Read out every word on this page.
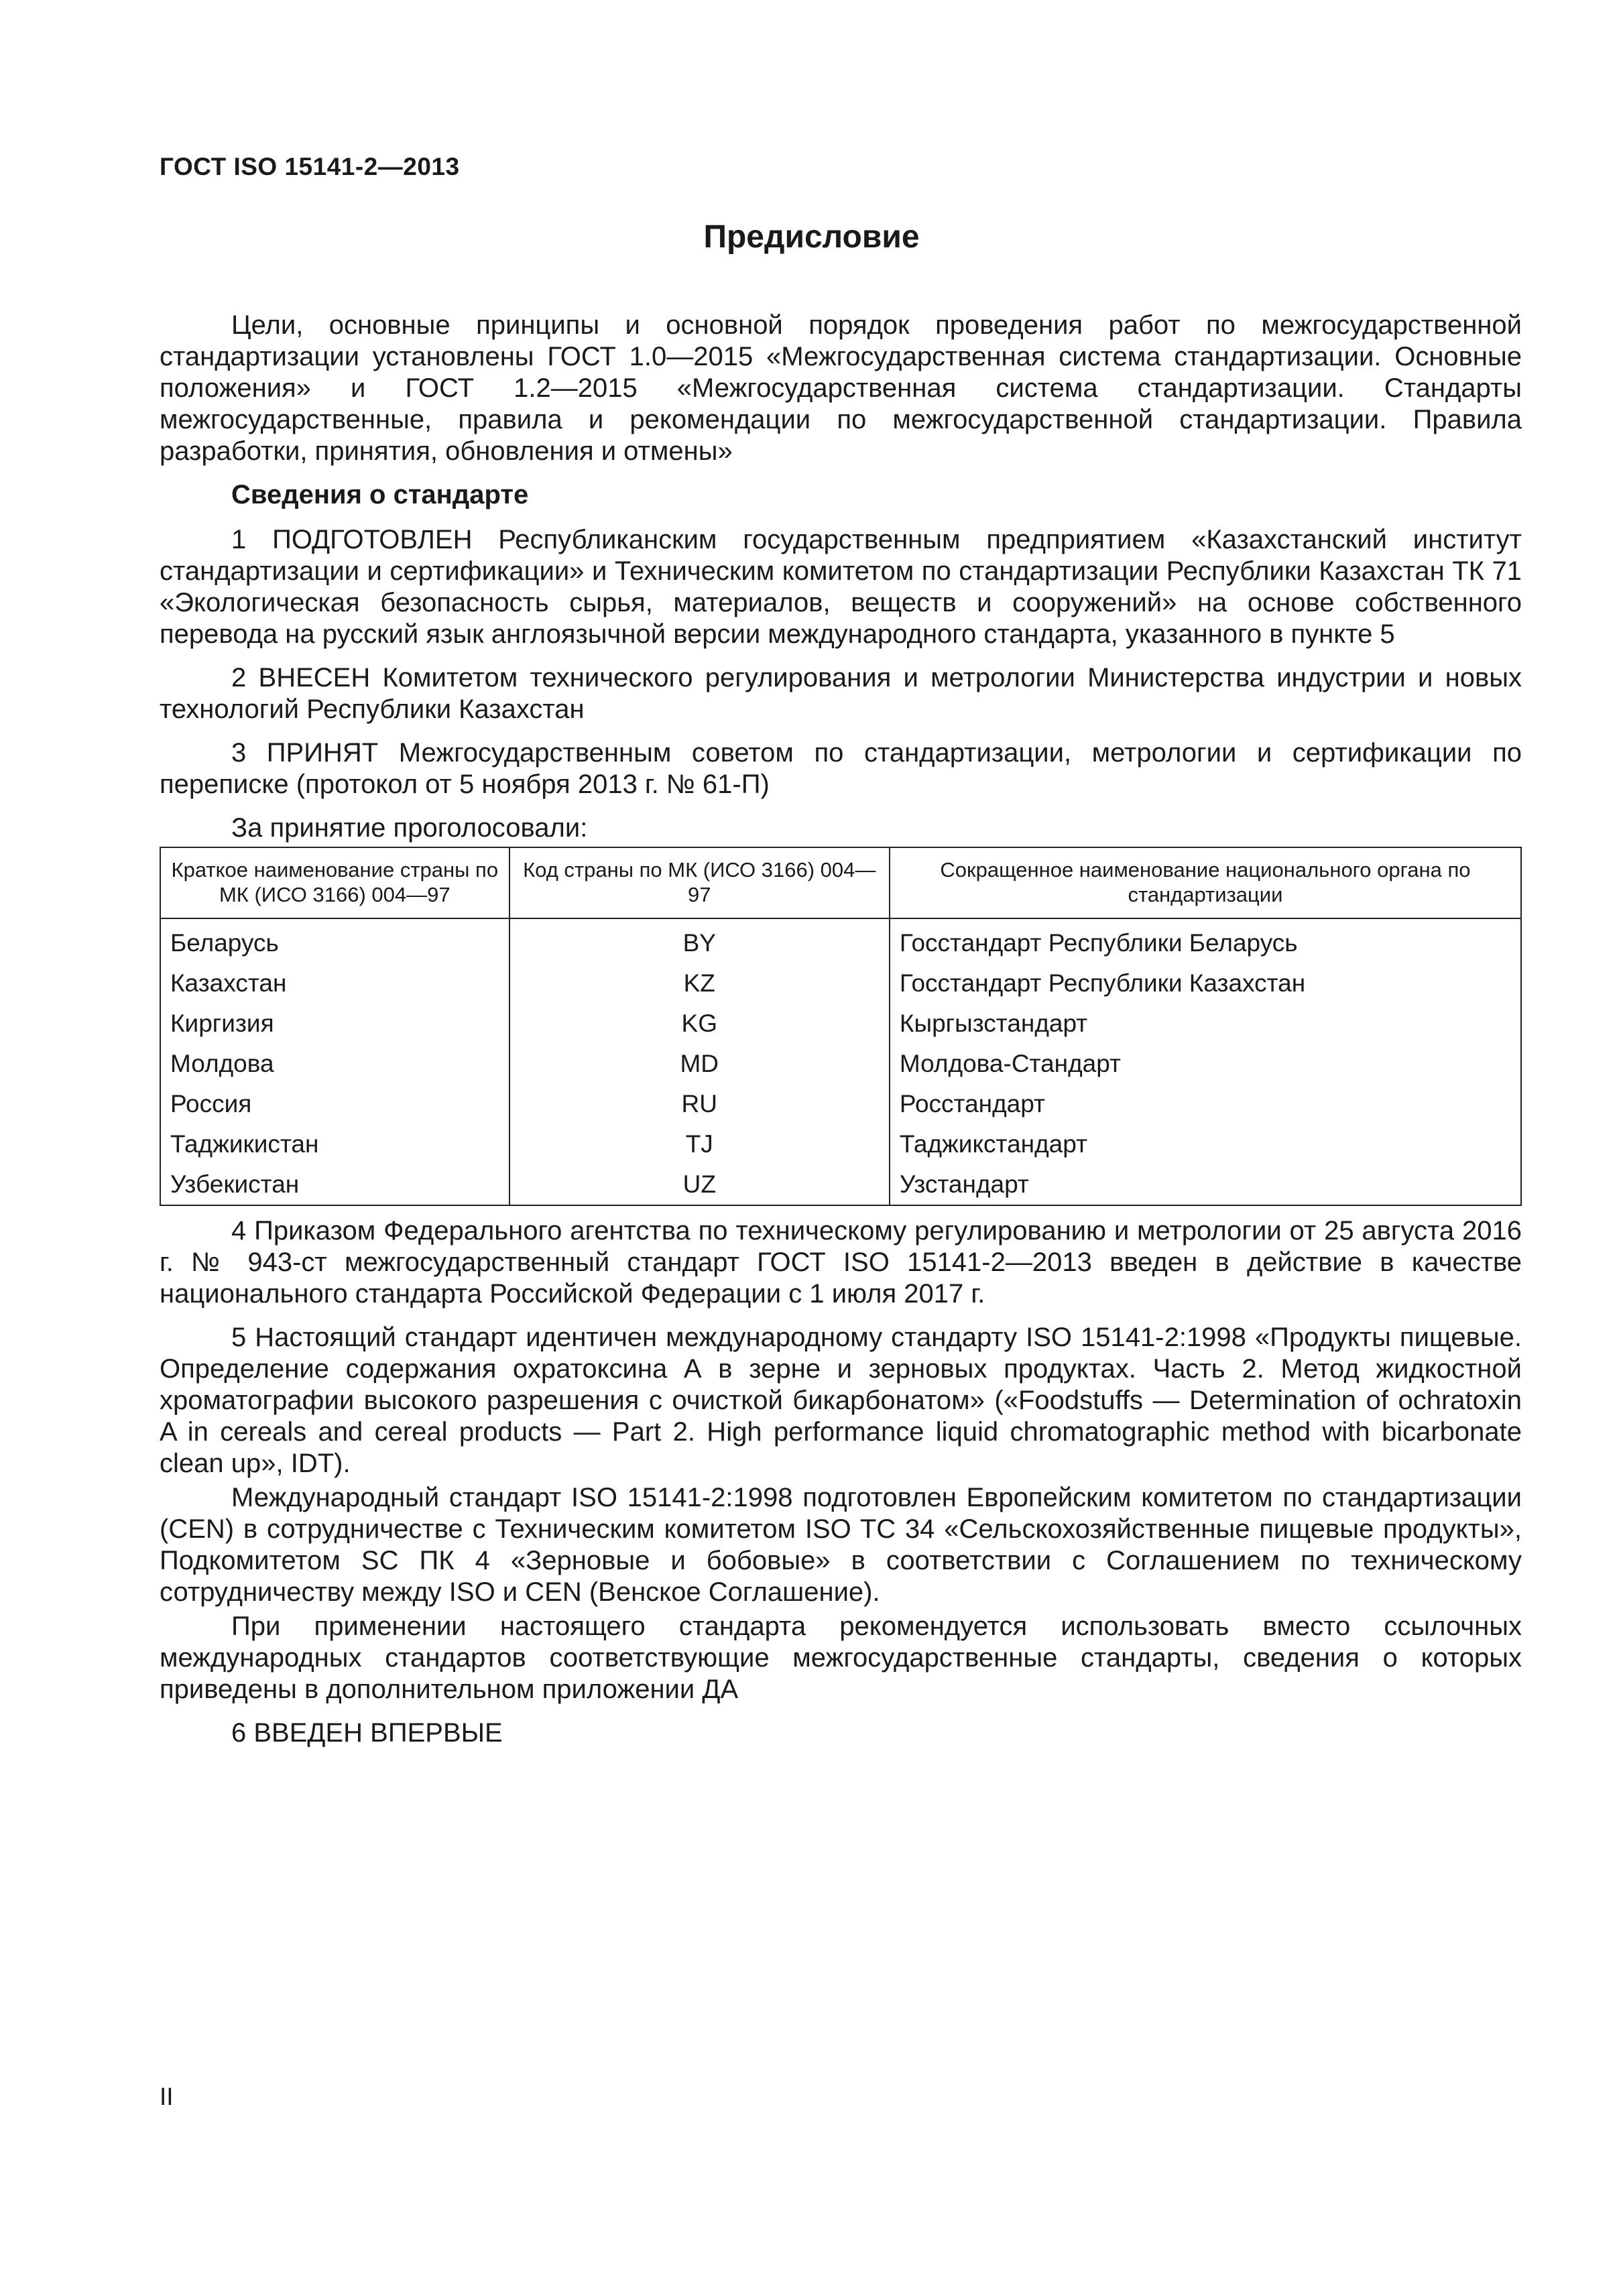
ГОСТ ISO 15141-2—2013
Предисловие

Цели, основные принципы и основной порядок проведения работ по межгосударственной стандартизации установлены ГОСТ 1.0—2015 «Межгосударственная система стандартизации. Основные положения» и ГОСТ 1.2—2015 «Межгосударственная система стандартизации. Стандарты межгосударственные, правила и рекомендации по межгосударственной стандартизации. Правила разработки, принятия, обновления и отмены»

Сведения о стандарте

1 ПОДГОТОВЛЕН Республиканским государственным предприятием «Казахстанский институт стандартизации и сертификации» и Техническим комитетом по стандартизации Республики Казахстан ТК 71 «Экологическая безопасность сырья, материалов, веществ и сооружений» на основе собственного перевода на русский язык англоязычной версии международного стандарта, указанного в пункте 5

2 ВНЕСЕН Комитетом технического регулирования и метрологии Министерства индустрии и новых технологий Республики Казахстан

3 ПРИНЯТ Межгосударственным советом по стандартизации, метрологии и сертификации по переписке (протокол от 5 ноября 2013 г. № 61-П)

За принятие проголосовали:

Краткое наименование страны по МК (ИСО 3166) 004—97	Код страны по МК (ИСО 3166) 004—97	Сокращенное наименование национального органа по стандартизации
Беларусь	BY	Госстандарт Республики Беларусь
Казахстан	KZ	Госстандарт Республики Казахстан
Киргизия	KG	Кыргызстандарт
Молдова	MD	Молдова-Стандарт
Россия	RU	Росстандарт
Таджикистан	TJ	Таджикстандарт
Узбекистан	UZ	Узстандарт

4 Приказом Федерального агентства по техническому регулированию и метрологии от 25 августа 2016 г. № 943-ст межгосударственный стандарт ГОСТ ISO 15141-2—2013 введен в действие в качестве национального стандарта Российской Федерации с 1 июля 2017 г.

5 Настоящий стандарт идентичен международному стандарту ISO 15141-2:1998 «Продукты пищевые. Определение содержания охратоксина А в зерне и зерновых продуктах. Часть 2. Метод жидкостной хроматографии высокого разрешения с очисткой бикарбонатом» («Foodstuffs — Determination of ochratoxin A in cereals and cereal products — Part 2. High performance liquid chromatographic method with bicarbonate clean up», IDT).

Международный стандарт ISO 15141-2:1998 подготовлен Европейским комитетом по стандартизации (CEN) в сотрудничестве с Техническим комитетом ISO TC 34 «Сельскохозяйственные пищевые продукты», Подкомитетом SC ПК 4 «Зерновые и бобовые» в соответствии с Соглашением по техническому сотрудничеству между ISO и CEN (Венское Соглашение).

При применении настоящего стандарта рекомендуется использовать вместо ссылочных международных стандартов соответствующие межгосударственные стандарты, сведения о которых приведены в дополнительном приложении ДА

6 ВВЕДЕН ВПЕРВЫЕ

II
